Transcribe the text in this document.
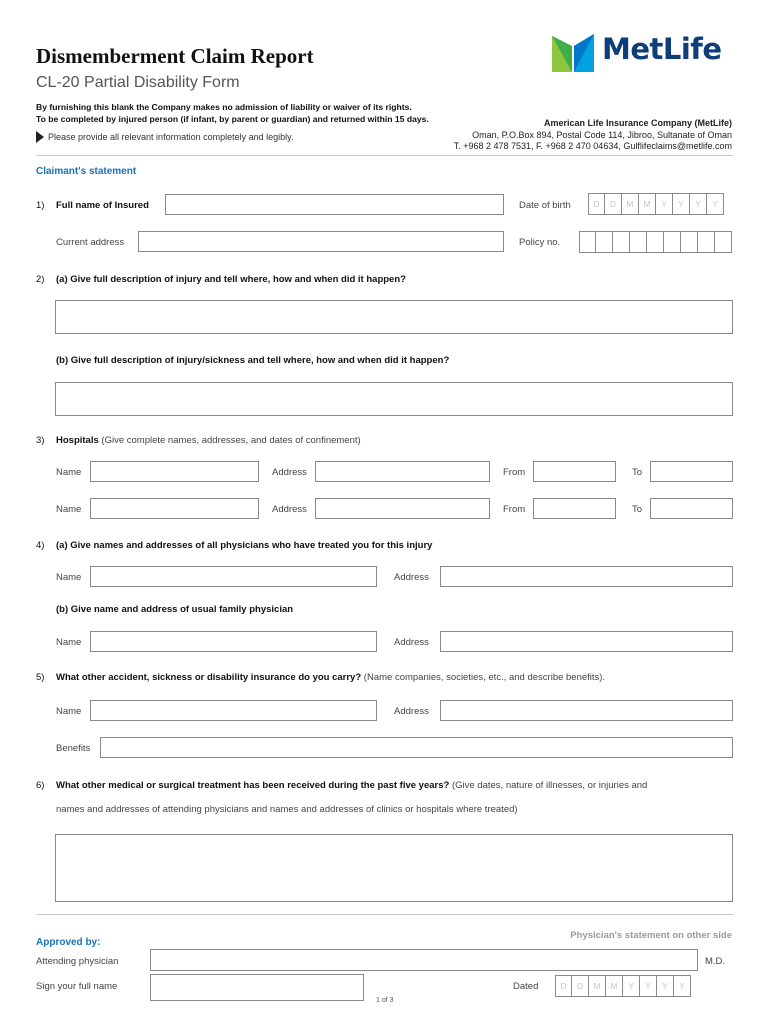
Dismemberment Claim Report
CL-20 Partial Disability Form
MetLife
By furnishing this blank the Company makes no admission of liability or waiver of its rights.
To be completed by injured person (if infant, by parent or guardian) and returned within 15 days.
Please provide all relevant information completely and legibly.
American Life Insurance Company (MetLife)
Oman, P.O.Box 894, Postal Code 114, Jibroo, Sultanate of Oman
T. +968 2 478 7531, F. +968 2 470 04634, Gulflifeclaims@metlife.com
Claimant's statement
1) Full name of Insured	Date of birth	D	D	M	M	Y	Y	Y	Y
Current address	Policy no.
2) (a) Give full description of injury and tell where, how and when did it happen?
(b) Give full description of injury/sickness and tell where, how and when did it happen?
3) Hospitals (Give complete names, addresses, and dates of confinement)
Name	Address	From	To
Name	Address	From	To
4) (a) Give names and addresses of all physicians who have treated you for this injury
Name	Address
(b) Give name and address of usual family physician
Name	Address
5) What other accident, sickness or disability insurance do you carry? (Name companies, societies, etc., and describe benefits).
Name	Address
Benefits
6) What other medical or surgical treatment has been received during the past five years? (Give dates, nature of illnesses, or injuries and
names and addresses of attending physicians and names and addresses of clinics or hospitals where treated)
Physician's statement on other side
Approved by:
Attending physician	M.D.
Sign your full name	Dated	D	D	M	M	Y	Y	Y	Y
1 of 3
